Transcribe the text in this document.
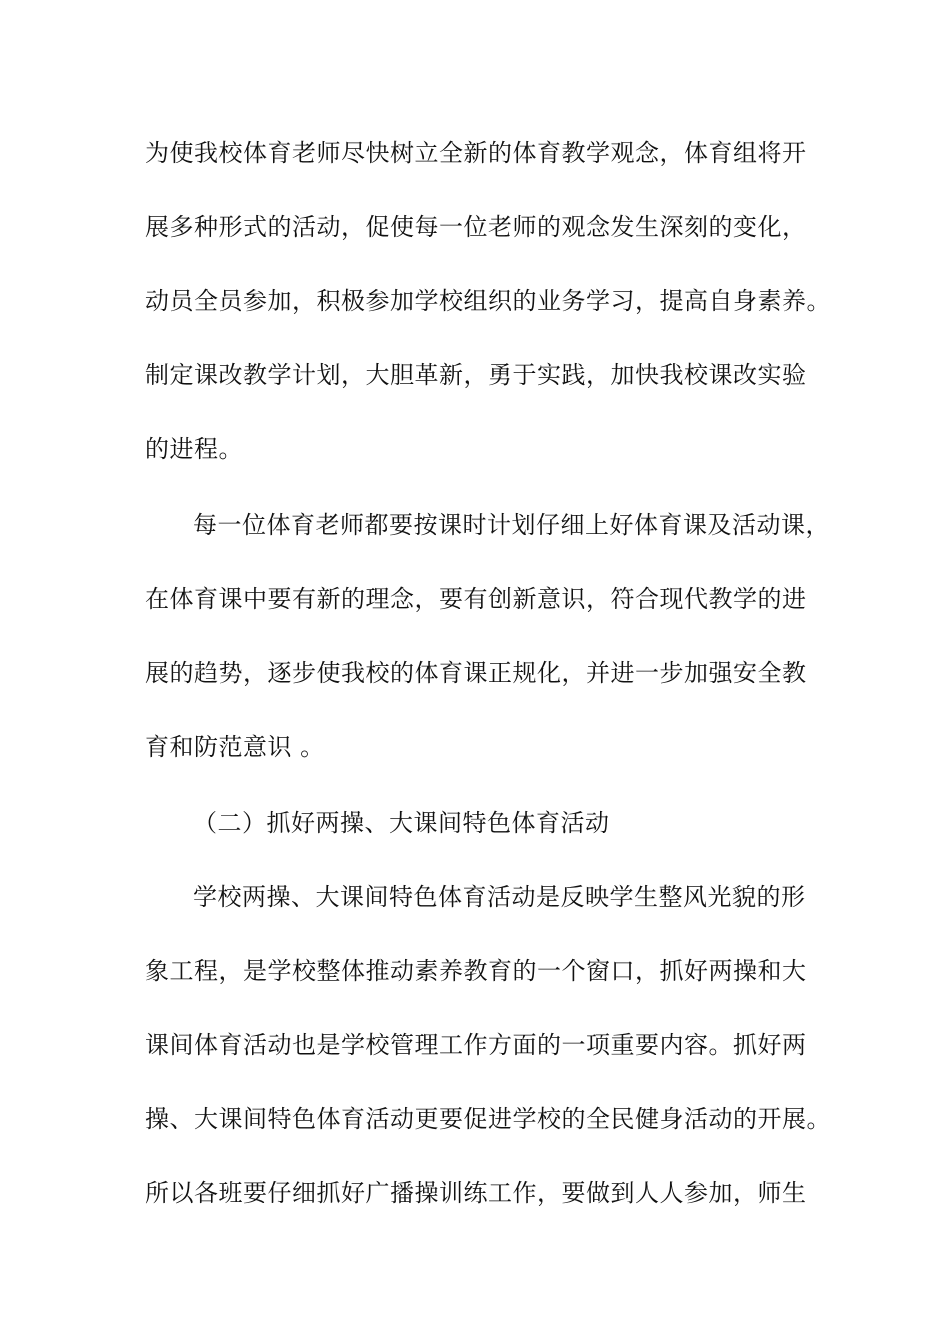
为使我校体育老师尽快树立全新的体育教学观念，体育组将开
展多种形式的活动，促使每一位老师的观念发生深刻的变化，
动员全员参加，积极参加学校组织的业务学习，提高自身素养。
制定课改教学计划，大胆革新，勇于实践，加快我校课改实验
的进程。
每一位体育老师都要按课时计划仔细上好体育课及活动课，
在体育课中要有新的理念，要有创新意识，符合现代教学的进
展的趋势，逐步使我校的体育课正规化，并进一步加强安全教
育和防范意识 。
（二）抓好两操、大课间特色体育活动
学校两操、大课间特色体育活动是反映学生整风光貌的形
象工程，是学校整体推动素养教育的一个窗口，抓好两操和大
课间体育活动也是学校管理工作方面的一项重要内容。抓好两
操、大课间特色体育活动更要促进学校的全民健身活动的开展。
所以各班要仔细抓好广播操训练工作，要做到人人参加，师生
